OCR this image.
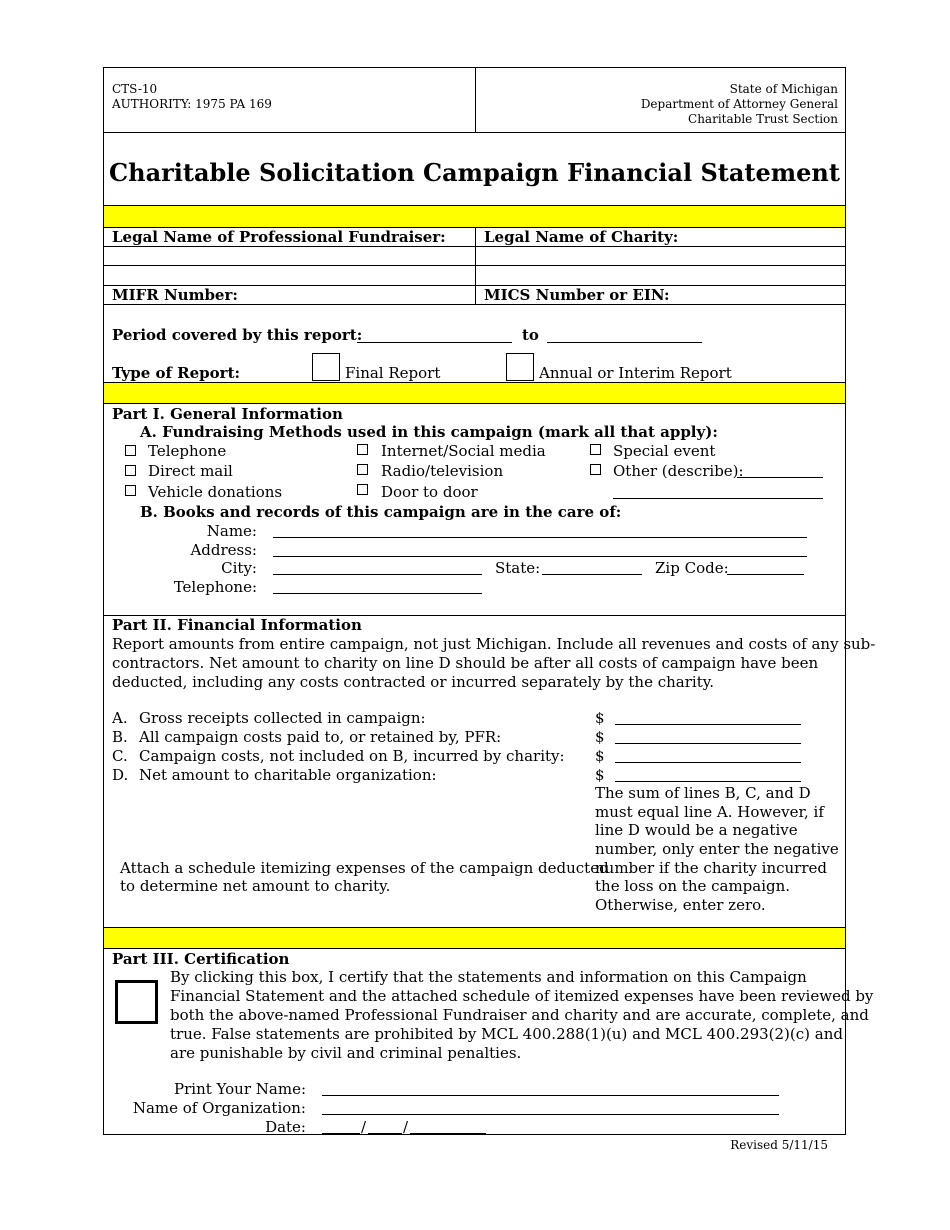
CTS-10
AUTHORITY: 1975 PA 169
State of Michigan
Department of Attorney General
Charitable Trust Section
Charitable Solicitation Campaign Financial Statement
Legal Name of Professional Fundraiser:	Legal Name of Charity:
MIFR Number:	MICS Number or EIN:
Period covered by this report:	to
Type of Report:	Final Report	Annual or Interim Report
Part I. General Information
A. Fundraising Methods used in this campaign (mark all that apply):
Telephone
Direct mail
Vehicle donations
Internet/Social media
Radio/television
Door to door
Special event
Other (describe):
B. Books and records of this campaign are in the care of:
Name:
Address:
City:	State:	Zip Code:
Telephone:
Part II. Financial Information
Report amounts from entire campaign, not just Michigan. Include all revenues and costs of any sub-
contractors. Net amount to charity on line D should be after all costs of campaign have been
deducted, including any costs contracted or incurred separately by the charity.
A. Gross receipts collected in campaign:	$
B. All campaign costs paid to, or retained by, PFR:	$
C. Campaign costs, not included on B, incurred by charity: $
D. Net amount to charitable organization:	$
The sum of lines B, C, and D
must equal line A. However, if
line D would be a negative
number, only enter the negative
number if the charity incurred
the loss on the campaign.
Otherwise, enter zero.
Attach a schedule itemizing expenses of the campaign deducted
to determine net amount to charity.
Part III. Certification
By clicking this box, I certify that the statements and information on this Campaign
Financial Statement and the attached schedule of itemized expenses have been reviewed by
both the above-named Professional Fundraiser and charity and are accurate, complete, and
true. False statements are prohibited by MCL 400.288(1)(u) and MCL 400.293(2)(c) and
are punishable by civil and criminal penalties.
Print Your Name:
Name of Organization:
Date:	/ /
Revised 5/11/15
